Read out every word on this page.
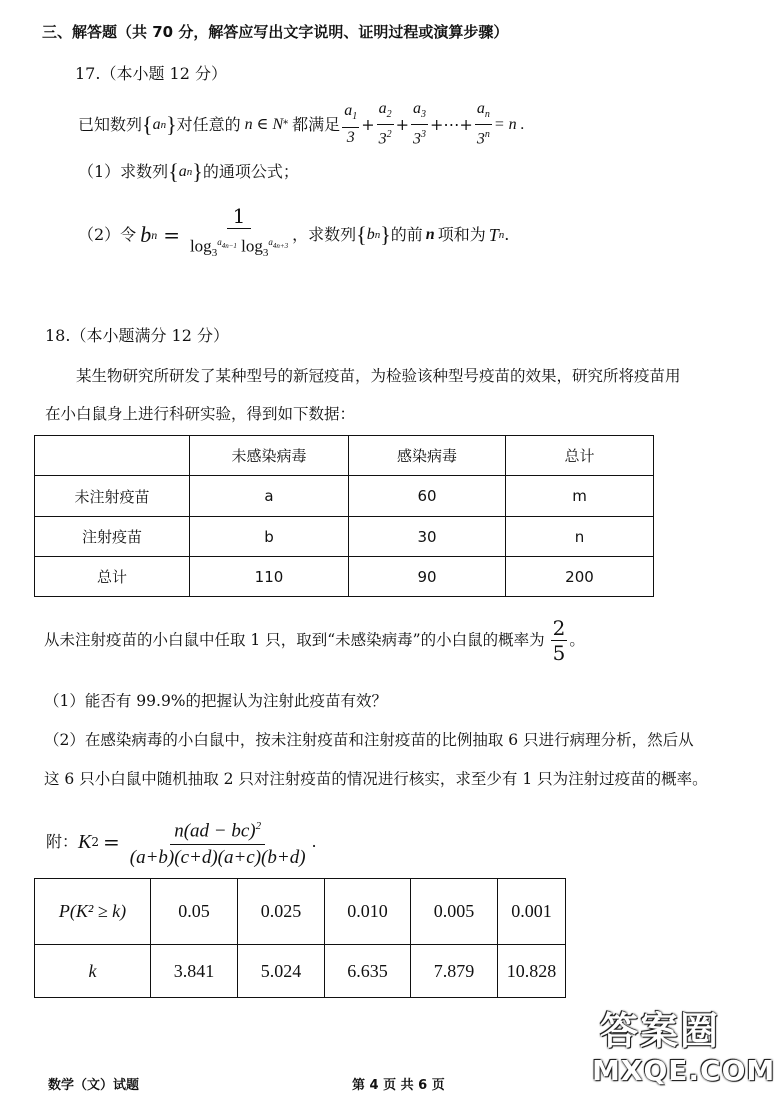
三、解答题（共 70 分，解答应写出文字说明、证明过程或演算步骤）
17.（本小题 12 分）
已知数列 { a n } 对任意的 n ∈ N * 都满足 $\frac{a_1}{3} + \frac{a_2}{3^2} + \frac{a_3}{3^3}$ +⋯+ $\frac{a_n}{3^n} = n$ .
（1）求数列 { a n } 的通项公式；
（2）令 b $n = \frac{1}{\log_3^{a_{4n-1}} \log_3^{a_{4n+3}}}$ ，求数列 { b n } 的前 n 项和为 T n .
18.（本小题满分 12 分）
某生物研究所研发了某种型号的新冠疫苗，为检验该种型号疫苗的效果，研究所将疫苗用
在小白鼠身上进行科研实验，得到如下数据：
	未感染病毒	感染病毒	总计
未注射疫苗	a	60	m
注射疫苗	b	30	n
总计	110	90	200
从未注射疫苗的小白鼠中任取 1 只，取到“未感染病毒”的小白鼠的概率为 $\frac{2}{5}$ 。
（1）能否有 99.9%的把握认为注射此疫苗有效？
（2）在感染病毒的小白鼠中，按未注射疫苗和注射疫苗的比例抽取 6 只进行病理分析，然后从
这 6 只小白鼠中随机抽取 2 只对注射疫苗的情况进行核实，求至少有 1 只为注射过疫苗的概率。
附： K $2 = \frac{n(ad - bc)^2}{(a+b)(c+d)(a+c)(b+d)}$ .
P(K² ≥ k)	0.05	0.025	0.010	0.005	0.001
k	3.841	5.024	6.635	7.879	10.828
数学（文）试题	第 4 页 共 6 页
答案圈
MXQE.COM
